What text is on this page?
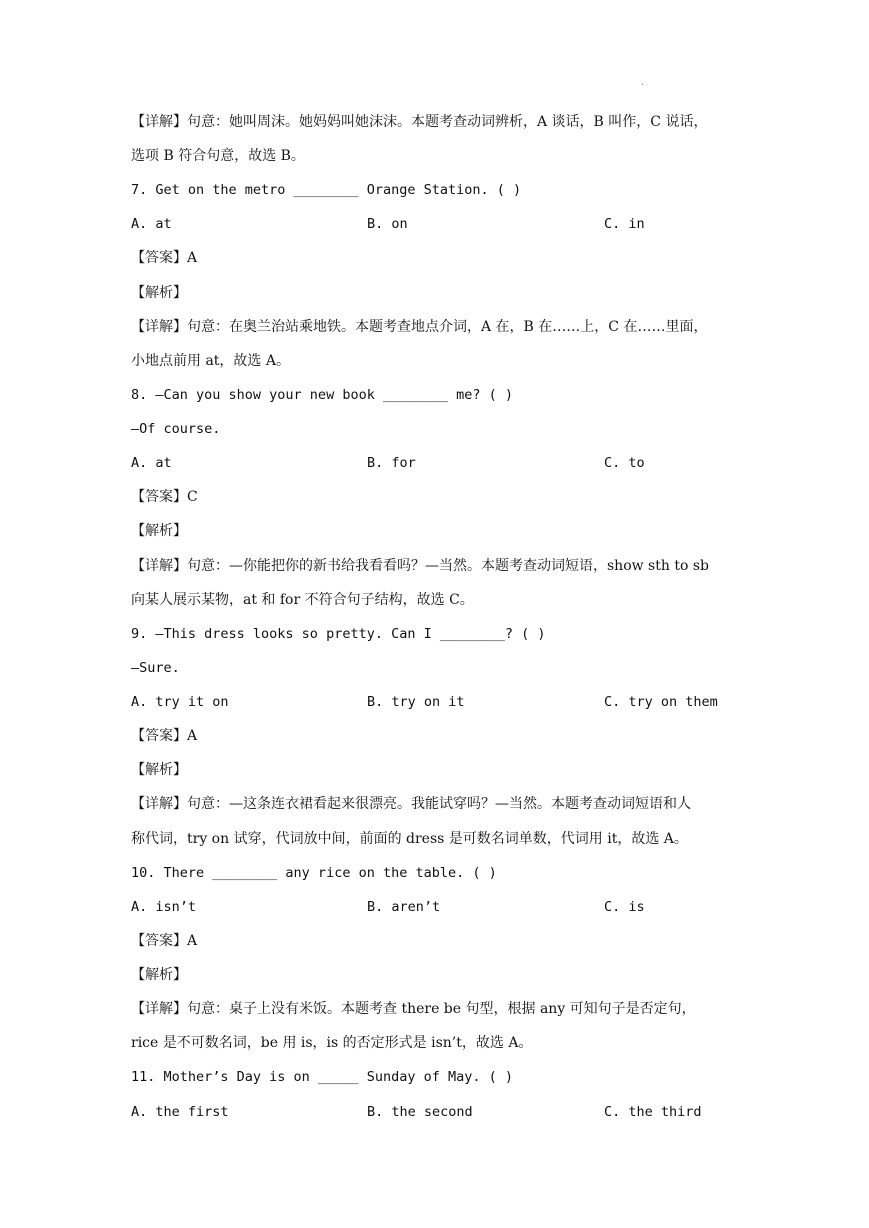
·
【详解】句意：她叫周沫。她妈妈叫她沫沫。本题考查动词辨析，A 谈话，B 叫作，C 说话，
选项 B 符合句意，故选 B。
7. Get on the metro ________ Orange Station. ( )
A. at	B. on	C. in
【答案】A
【解析】
【详解】句意：在奥兰治站乘地铁。本题考查地点介词，A 在，B 在……上，C 在……里面，
小地点前用 at，故选 A。
8. —Can you show your new book ________ me? ( )
—Of course.
A. at	B. for	C. to
【答案】C
【解析】
【详解】句意：—你能把你的新书给我看看吗？—当然。本题考查动词短语，show sth to sb
向某人展示某物，at 和 for 不符合句子结构，故选 C。
9. —This dress looks so pretty. Can I ________? ( )
—Sure.
A. try it on	B. try on it	C. try on them
【答案】A
【解析】
【详解】句意：—这条连衣裙看起来很漂亮。我能试穿吗？—当然。本题考查动词短语和人
称代词，try on 试穿，代词放中间，前面的 dress 是可数名词单数，代词用 it，故选 A。
10. There ________ any rice on the table. ( )
A. isn’t	B. aren’t	C. is
【答案】A
【解析】
【详解】句意：桌子上没有米饭。本题考查 there be 句型，根据 any 可知句子是否定句，
rice 是不可数名词，be 用 is，is 的否定形式是 isn’t，故选 A。
11. Mother’s Day is on _____ Sunday of May. ( )
A. the first	B. the second	C. the third
